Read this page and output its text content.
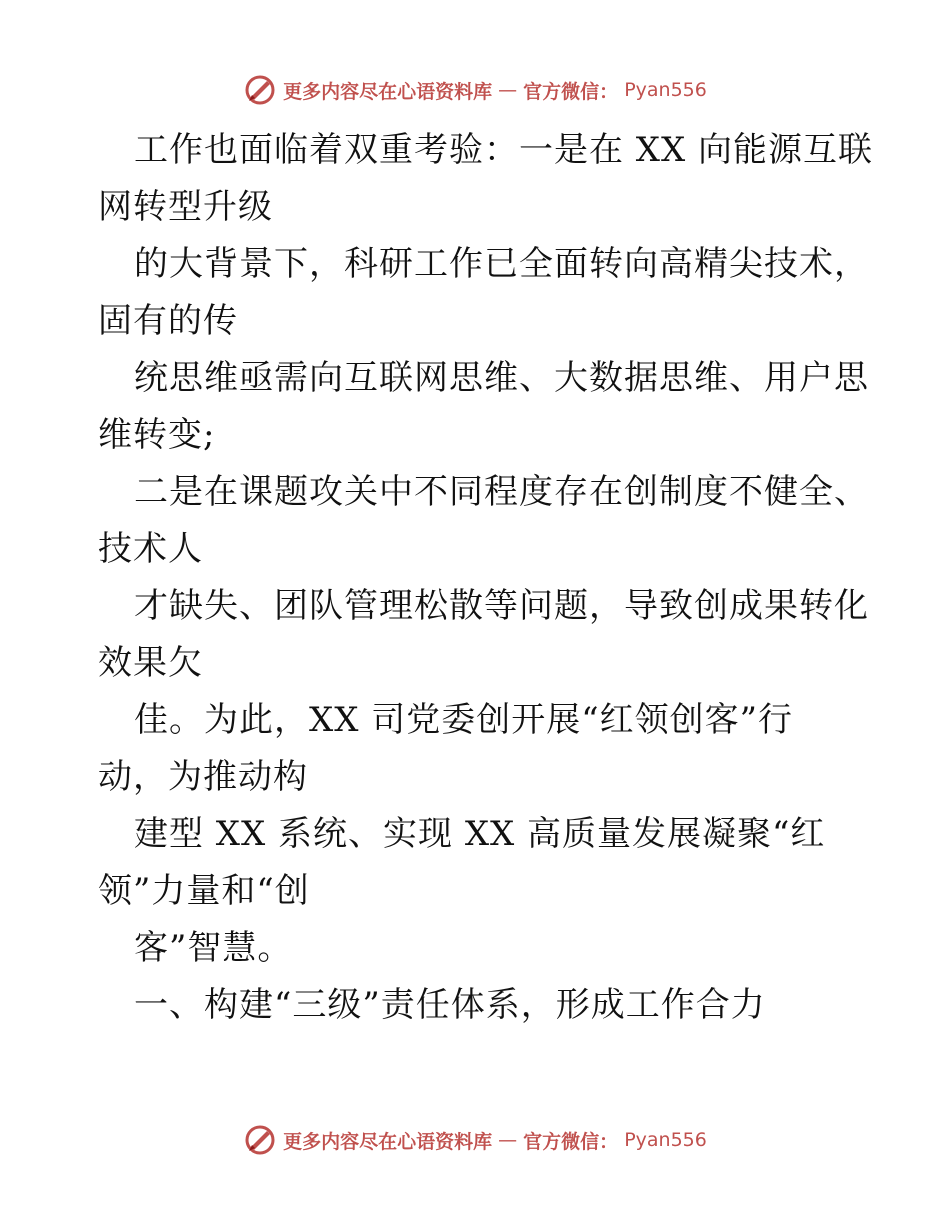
更多内容尽在心语资料库 — 官方微信： Pyan556
工作也面临着双重考验：一是在 XX 向能源互联
网转型升级
的大背景下，科研工作已全面转向高精尖技术，
固有的传
统思维亟需向互联网思维、大数据思维、用户思
维转变;
二是在课题攻关中不同程度存在创制度不健全、
技术人
才缺失、团队管理松散等问题，导致创成果转化
效果欠
佳。为此，XX 司党委创开展“红领创客”行
动，为推动构
建型 XX 系统、实现 XX 高质量发展凝聚“红
领”力量和“创
客”智慧。
一、构建“三级”责任体系，形成工作合力
更多内容尽在心语资料库 — 官方微信： Pyan556
